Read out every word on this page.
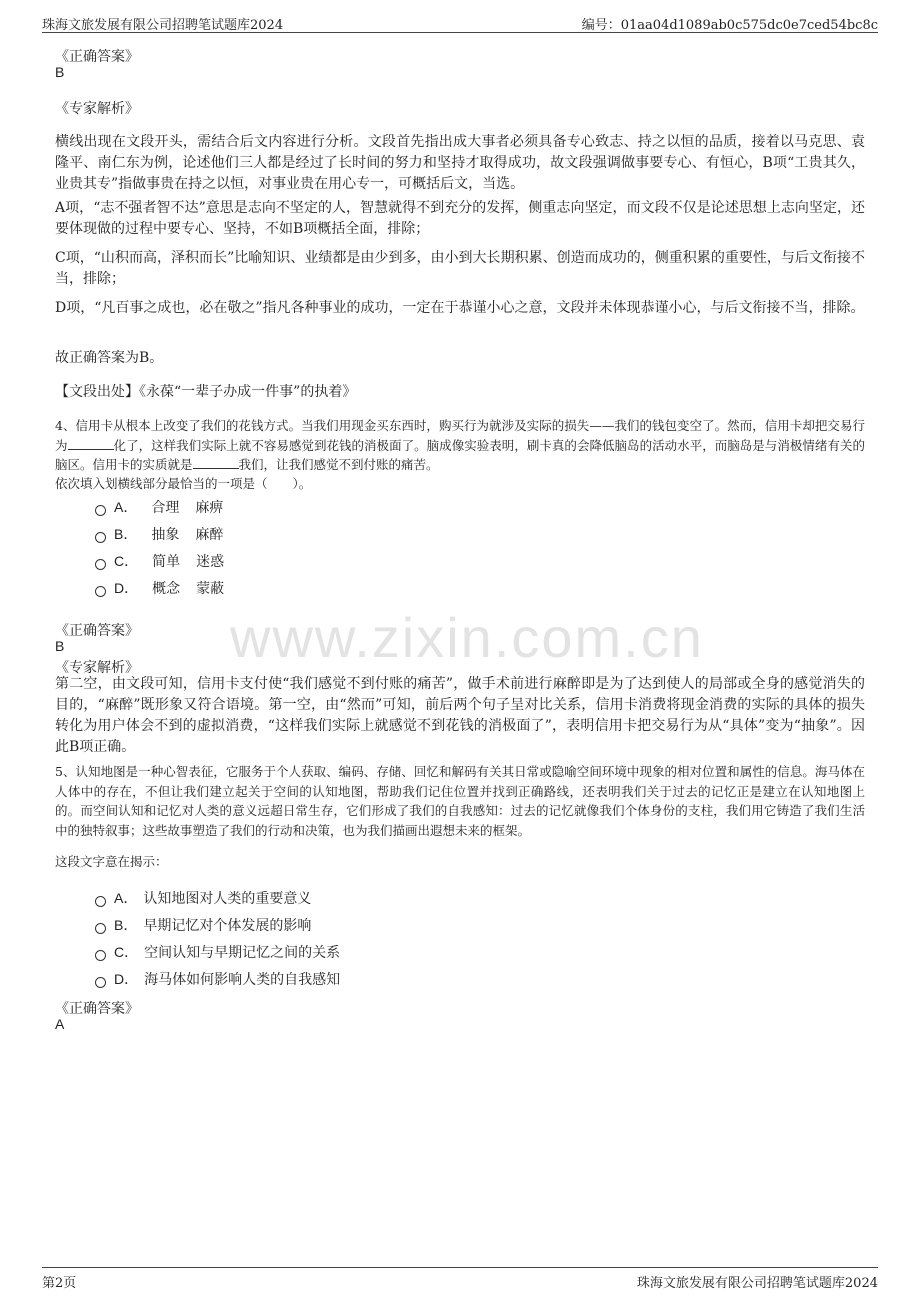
珠海文旅发展有限公司招聘笔试题库2024	编号：01aa04d1089ab0c575dc0e7ced54bc8c
www.zixin.com.cn
《正确答案》
B
《专家解析》
横线出现在文段开头，需结合后文内容进行分析。文段首先指出成大事者必须具备专心致志、持之以恒的品质，接着以马克思、袁隆平、南仁东为例，论述他们三人都是经过了长时间的努力和坚持才取得成功，故文段强调做事要专心、有恒心，B项“工贵其久，业贵其专”指做事贵在持之以恒，对事业贵在用心专一，可概括后文，当选。
A项，“志不强者智不达”意思是志向不坚定的人，智慧就得不到充分的发挥，侧重志向坚定，而文段不仅是论述思想上志向坚定，还要体现做的过程中要专心、坚持，不如B项概括全面，排除；
C项，“山积而高，泽积而长”比喻知识、业绩都是由少到多，由小到大长期积累、创造而成功的，侧重积累的重要性，与后文衔接不当，排除；
D项，“凡百事之成也，必在敬之”指凡各种事业的成功，一定在于恭谨小心之意，文段并未体现恭谨小心，与后文衔接不当，排除。
故正确答案为B。
【文段出处】《永葆“一辈子办成一件事”的执着》
4、信用卡从根本上改变了我们的花钱方式。当我们用现金买东西时，购买行为就涉及实际的损失——我们的钱包变空了。然而，信用卡却把交易行为	化了，这样我们实际上就不容易感觉到花钱的消极面了。脑成像实验表明，刷卡真的会降低脑岛的活动水平，而脑岛是与消极情绪有关的脑区。信用卡的实质就是	我们，让我们感觉不到付账的痛苦。
依次填入划横线部分最恰当的一项是（　　）。
A． 合理 麻痹
B． 抽象 麻醉
C． 简单 迷惑
D． 概念 蒙蔽
《正确答案》
B
《专家解析》
第二空，由文段可知，信用卡支付使“我们感觉不到付账的痛苦”，做手术前进行麻醉即是为了达到使人的局部或全身的感觉消失的目的，“麻醉”既形象又符合语境。第一空，由“然而”可知，前后两个句子呈对比关系，信用卡消费将现金消费的实际的具体的损失转化为用户体会不到的虚拟消费，“这样我们实际上就感觉不到花钱的消极面了”，表明信用卡把交易行为从“具体”变为“抽象”。因此B项正确。
5、认知地图是一种心智表征，它服务于个人获取、编码、存储、回忆和解码有关其日常或隐喻空间环境中现象的相对位置和属性的信息。海马体在人体中的存在，不但让我们建立起关于空间的认知地图，帮助我们记住位置并找到正确路线，还表明我们关于过去的记忆正是建立在认知地图上的。而空间认知和记忆对人类的意义远超日常生存，它们形成了我们的自我感知：过去的记忆就像我们个体身份的支柱，我们用它铸造了我们生活中的独特叙事；这些故事塑造了我们的行动和决策，也为我们描画出遐想未来的框架。
这段文字意在揭示：
A． 认知地图对人类的重要意义
B． 早期记忆对个体发展的影响
C． 空间认知与早期记忆之间的关系
D． 海马体如何影响人类的自我感知
《正确答案》
A
第2页	珠海文旅发展有限公司招聘笔试题库2024
